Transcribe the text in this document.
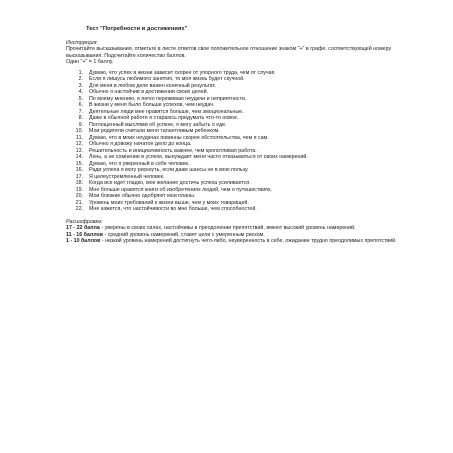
Тест "Потребности в достижениях"
Инструкция:

Прочитайте высказывания, отметьте в листе ответов свое положительное отношение знаком "+" в графе, соответствующей номеру высказывания. Подсчитайте количество баллов.

Один "+" = 1 баллу.

1.	Думаю, что успех в жизни зависит скорее от упорного труда, чем от случая.
2.	Если я лишусь любимого занятия, то моя жизнь будет скучной.
3.	Для меня в любом деле важен конечный результат.
4.	Обычно я настойчив в достижении своих целей.
5.	По моему мнению, я легко переживаю неудачи и неприятности.
6.	В жизни у меня было больше успехов, чем неудач.
7.	Деятельные люди мне нравятся больше, чем эмоциональные.
8.	Даже в обычной работе я стараюсь придумать что-то новое.
9.	Поглощенный мыслями об успехе, я могу забыть о еде.
10.	Мои родители считали меня талантливым ребенком.
11.	Думаю, что в моих неудачах повинны скорее обстоятельства, чем я сам.
12.	Обычно я довожу начатое дело до конца.
13.	Решительность и инициативность важнее, чем кропотливая работа.
14.	Лень, а не сомнение в успехе, вынуждает меня часто отказываться от своих намерений.
15.	Думаю, что я уверенный в себе человек.
16.	Ради успеха я могу рискнуть, если даже шансы не в мою пользу.
17.	Я целеустремленный человек.
18.	Когда все идет гладко, мое желание достичь успеха усиливается.
19.	Мне больше нравятся книги об изобретениях людей, чем о путешествиях.
20.	Мои близкие обычно одобряют мои планы.
21.	Уровень моих требований к жизни выше, чем у моих товарищей.
22.	Мне кажется, что настойчивости во мне больше, чем способностей.
Расшифровка:

17 - 22 балла - уверены в своих силах, настойчивы в преодолении препятствий, имеют высокий уровень намерений.

11 - 16 баллов - средний уровень намерений, ставят цели с умеренным риском.

1 - 10 баллов - низкий уровень намерений достигнуть чего-либо, неуверенность в себе, ожидание трудно преодолимых препятствий.
